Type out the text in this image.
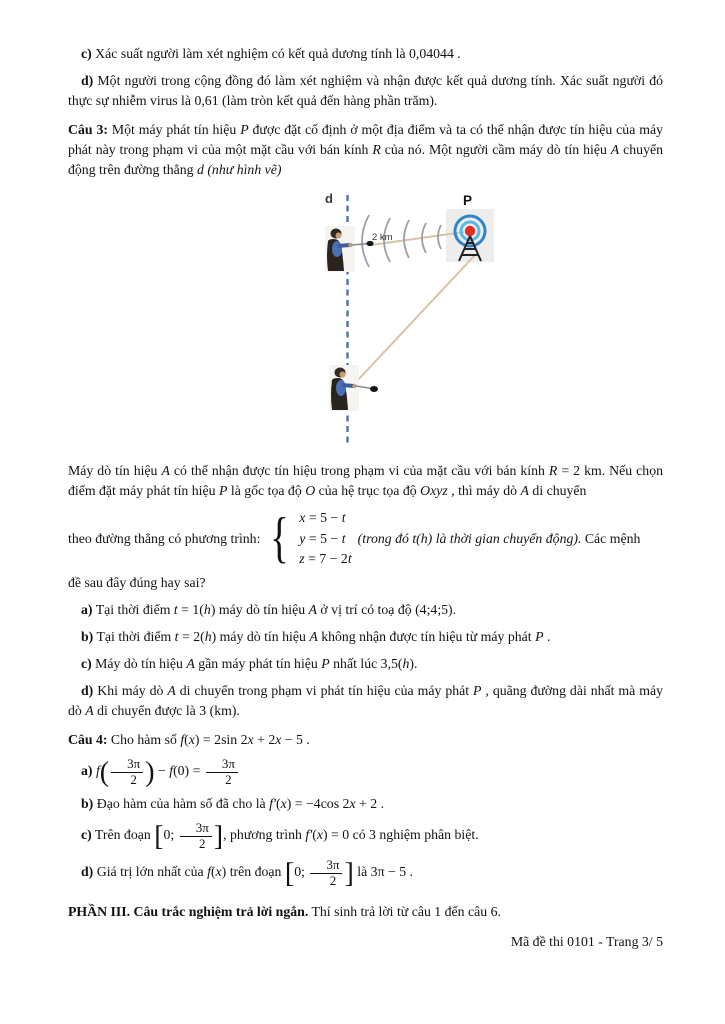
c) Xác suất người làm xét nghiệm có kết quả dương tính là 0,04044 .

d) Một người trong cộng đồng đó làm xét nghiệm và nhận được kết quả dương tính. Xác suất người đó thực sự nhiễm virus là 0,61 (làm tròn kết quả đến hàng phần trăm).

Câu 3: Một máy phát tín hiệu P được đặt cố định ở một địa điểm và ta có thể nhận được tín hiệu của máy phát này trong phạm vi của một mặt cầu với bán kính R của nó. Một người cầm máy dò tín hiệu A chuyển động trên đường thẳng d (như hình vẽ)

d	P
2 km

Máy dò tín hiệu A có thể nhận được tín hiệu trong phạm vi của mặt cầu với bán kính R = 2 km. Nếu chọn điểm đặt máy phát tín hiệu P là gốc tọa độ O của hệ trục tọa độ Oxyz , thì máy dò A di chuyển

theo đường thẳng có phương trình: { x = 5 − t
y = 5 − t
z = 7 − 2t
(trong đó t(h) là thời gian chuyển động). Các mệnh

đề sau đây đúng hay sai?

a) Tại thời điểm t = 1(h) máy dò tín hiệu A ở vị trí có toạ độ (4;4;5).

b) Tại thời điểm t = 2(h) máy dò tín hiệu A không nhận được tín hiệu từ máy phát P .

c) Máy dò tín hiệu A gần máy phát tín hiệu P nhất lúc 3,5(h).

d) Khi máy dò A di chuyển trong phạm vi phát tín hiệu của máy phát P , quãng đường dài nhất mà máy dò A di chuyển được là 3 (km).

Câu 4: Cho hàm số f(x) = 2sin 2x + 2x − 5 .

a) $f( \frac{3\pi}{2}$ ) − $f(0) = \frac{3\pi}{2}$

b) Đạo hàm của hàm số đã cho là f′(x) = −4cos 2x + 2 .

c) Trên đoạn [0; $\frac{3\pi}{2}$ ], phương trình f′(x) = 0 có 3 nghiệm phân biệt.

d) Giá trị lớn nhất của f(x) trên đoạn [0; $\frac{3\pi}{2}$ ] là 3π − 5 .

PHẦN III. Câu trắc nghiệm trả lời ngắn. Thí sinh trả lời từ câu 1 đến câu 6.

Mã đề thi 0101 - Trang 3/ 5
